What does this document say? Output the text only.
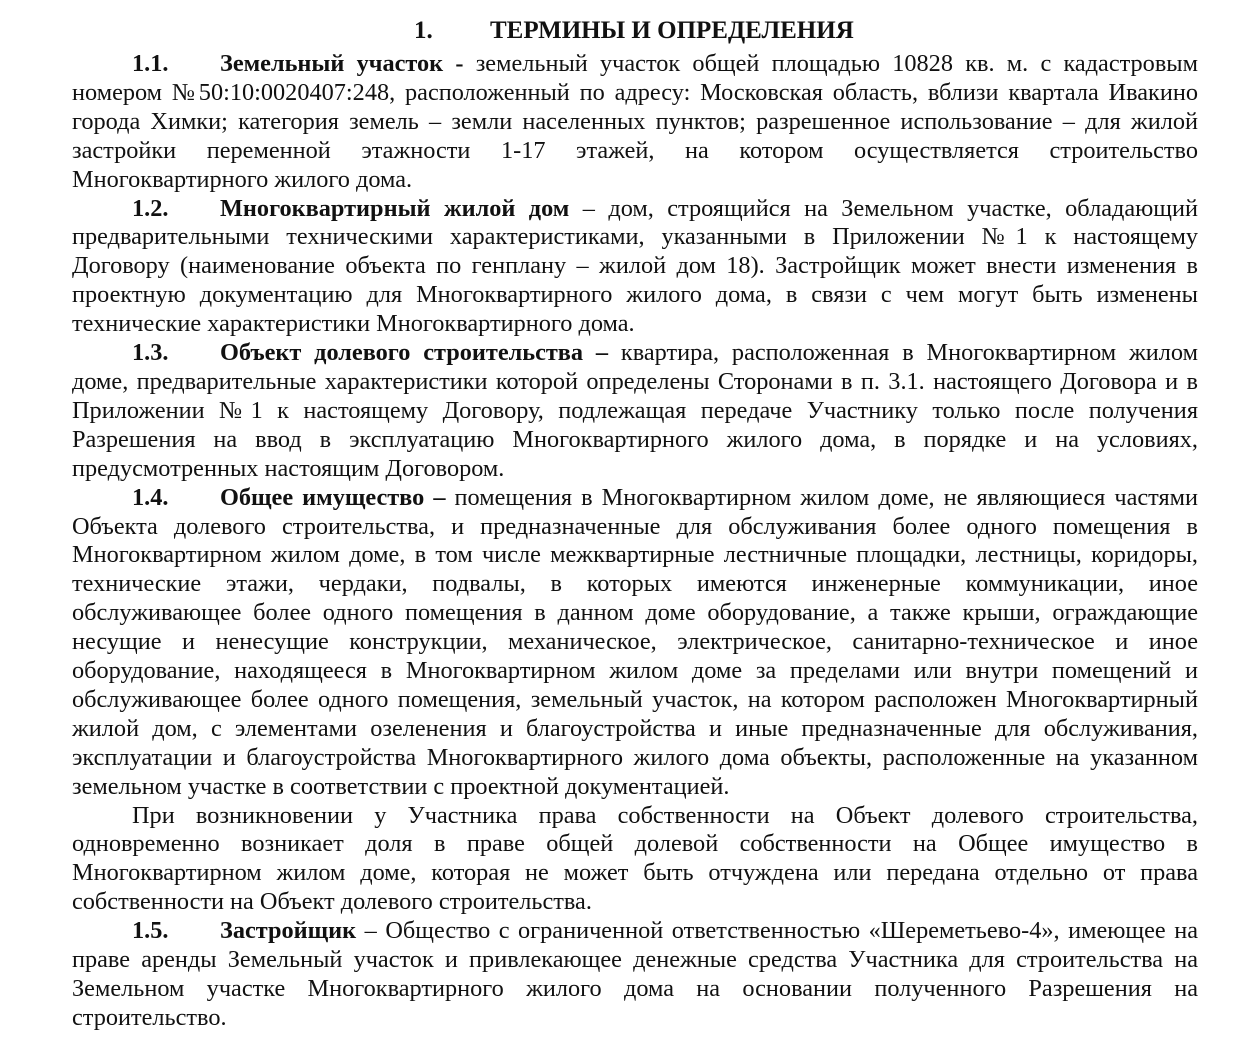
1. ТЕРМИНЫ И ОПРЕДЕЛЕНИЯ

1.1. Земельный участок - земельный участок общей площадью 10828 кв. м. с кадастровым номером №50:10:0020407:248, расположенный по адресу: Московская область, вблизи квартала Ивакино города Химки; категория земель – земли населенных пунктов; разрешенное использование – для жилой застройки переменной этажности 1-17 этажей, на котором осуществляется строительство Многоквартирного жилого дома.

1.2. Многоквартирный жилой дом – дом, строящийся на Земельном участке, обладающий предварительными техническими характеристиками, указанными в Приложении №1 к настоящему Договору (наименование объекта по генплану – жилой дом 18). Застройщик может внести изменения в проектную документацию для Многоквартирного жилого дома, в связи с чем могут быть изменены технические характеристики Многоквартирного дома.

1.3. Объект долевого строительства – квартира, расположенная в Многоквартирном жилом доме, предварительные характеристики которой определены Сторонами в п. 3.1. настоящего Договора и в Приложении №1 к настоящему Договору, подлежащая передаче Участнику только после получения Разрешения на ввод в эксплуатацию Многоквартирного жилого дома, в порядке и на условиях, предусмотренных настоящим Договором.

1.4. Общее имущество – помещения в Многоквартирном жилом доме, не являющиеся частями Объекта долевого строительства, и предназначенные для обслуживания более одного помещения в Многоквартирном жилом доме, в том числе межквартирные лестничные площадки, лестницы, коридоры, технические этажи, чердаки, подвалы, в которых имеются инженерные коммуникации, иное обслуживающее более одного помещения в данном доме оборудование, а также крыши, ограждающие несущие и ненесущие конструкции, механическое, электрическое, санитарно-техническое и иное оборудование, находящееся в Многоквартирном жилом доме за пределами или внутри помещений и обслуживающее более одного помещения, земельный участок, на котором расположен Многоквартирный жилой дом, с элементами озеленения и благоустройства и иные предназначенные для обслуживания, эксплуатации и благоустройства Многоквартирного жилого дома объекты, расположенные на указанном земельном участке в соответствии с проектной документацией.

При возникновении у Участника права собственности на Объект долевого строительства, одновременно возникает доля в праве общей долевой собственности на Общее имущество в Многоквартирном жилом доме, которая не может быть отчуждена или передана отдельно от права собственности на Объект долевого строительства.

1.5. Застройщик – Общество с ограниченной ответственностью «Шереметьево-4», имеющее на праве аренды Земельный участок и привлекающее денежные средства Участника для строительства на Земельном участке Многоквартирного жилого дома на основании полученного Разрешения на строительство.
